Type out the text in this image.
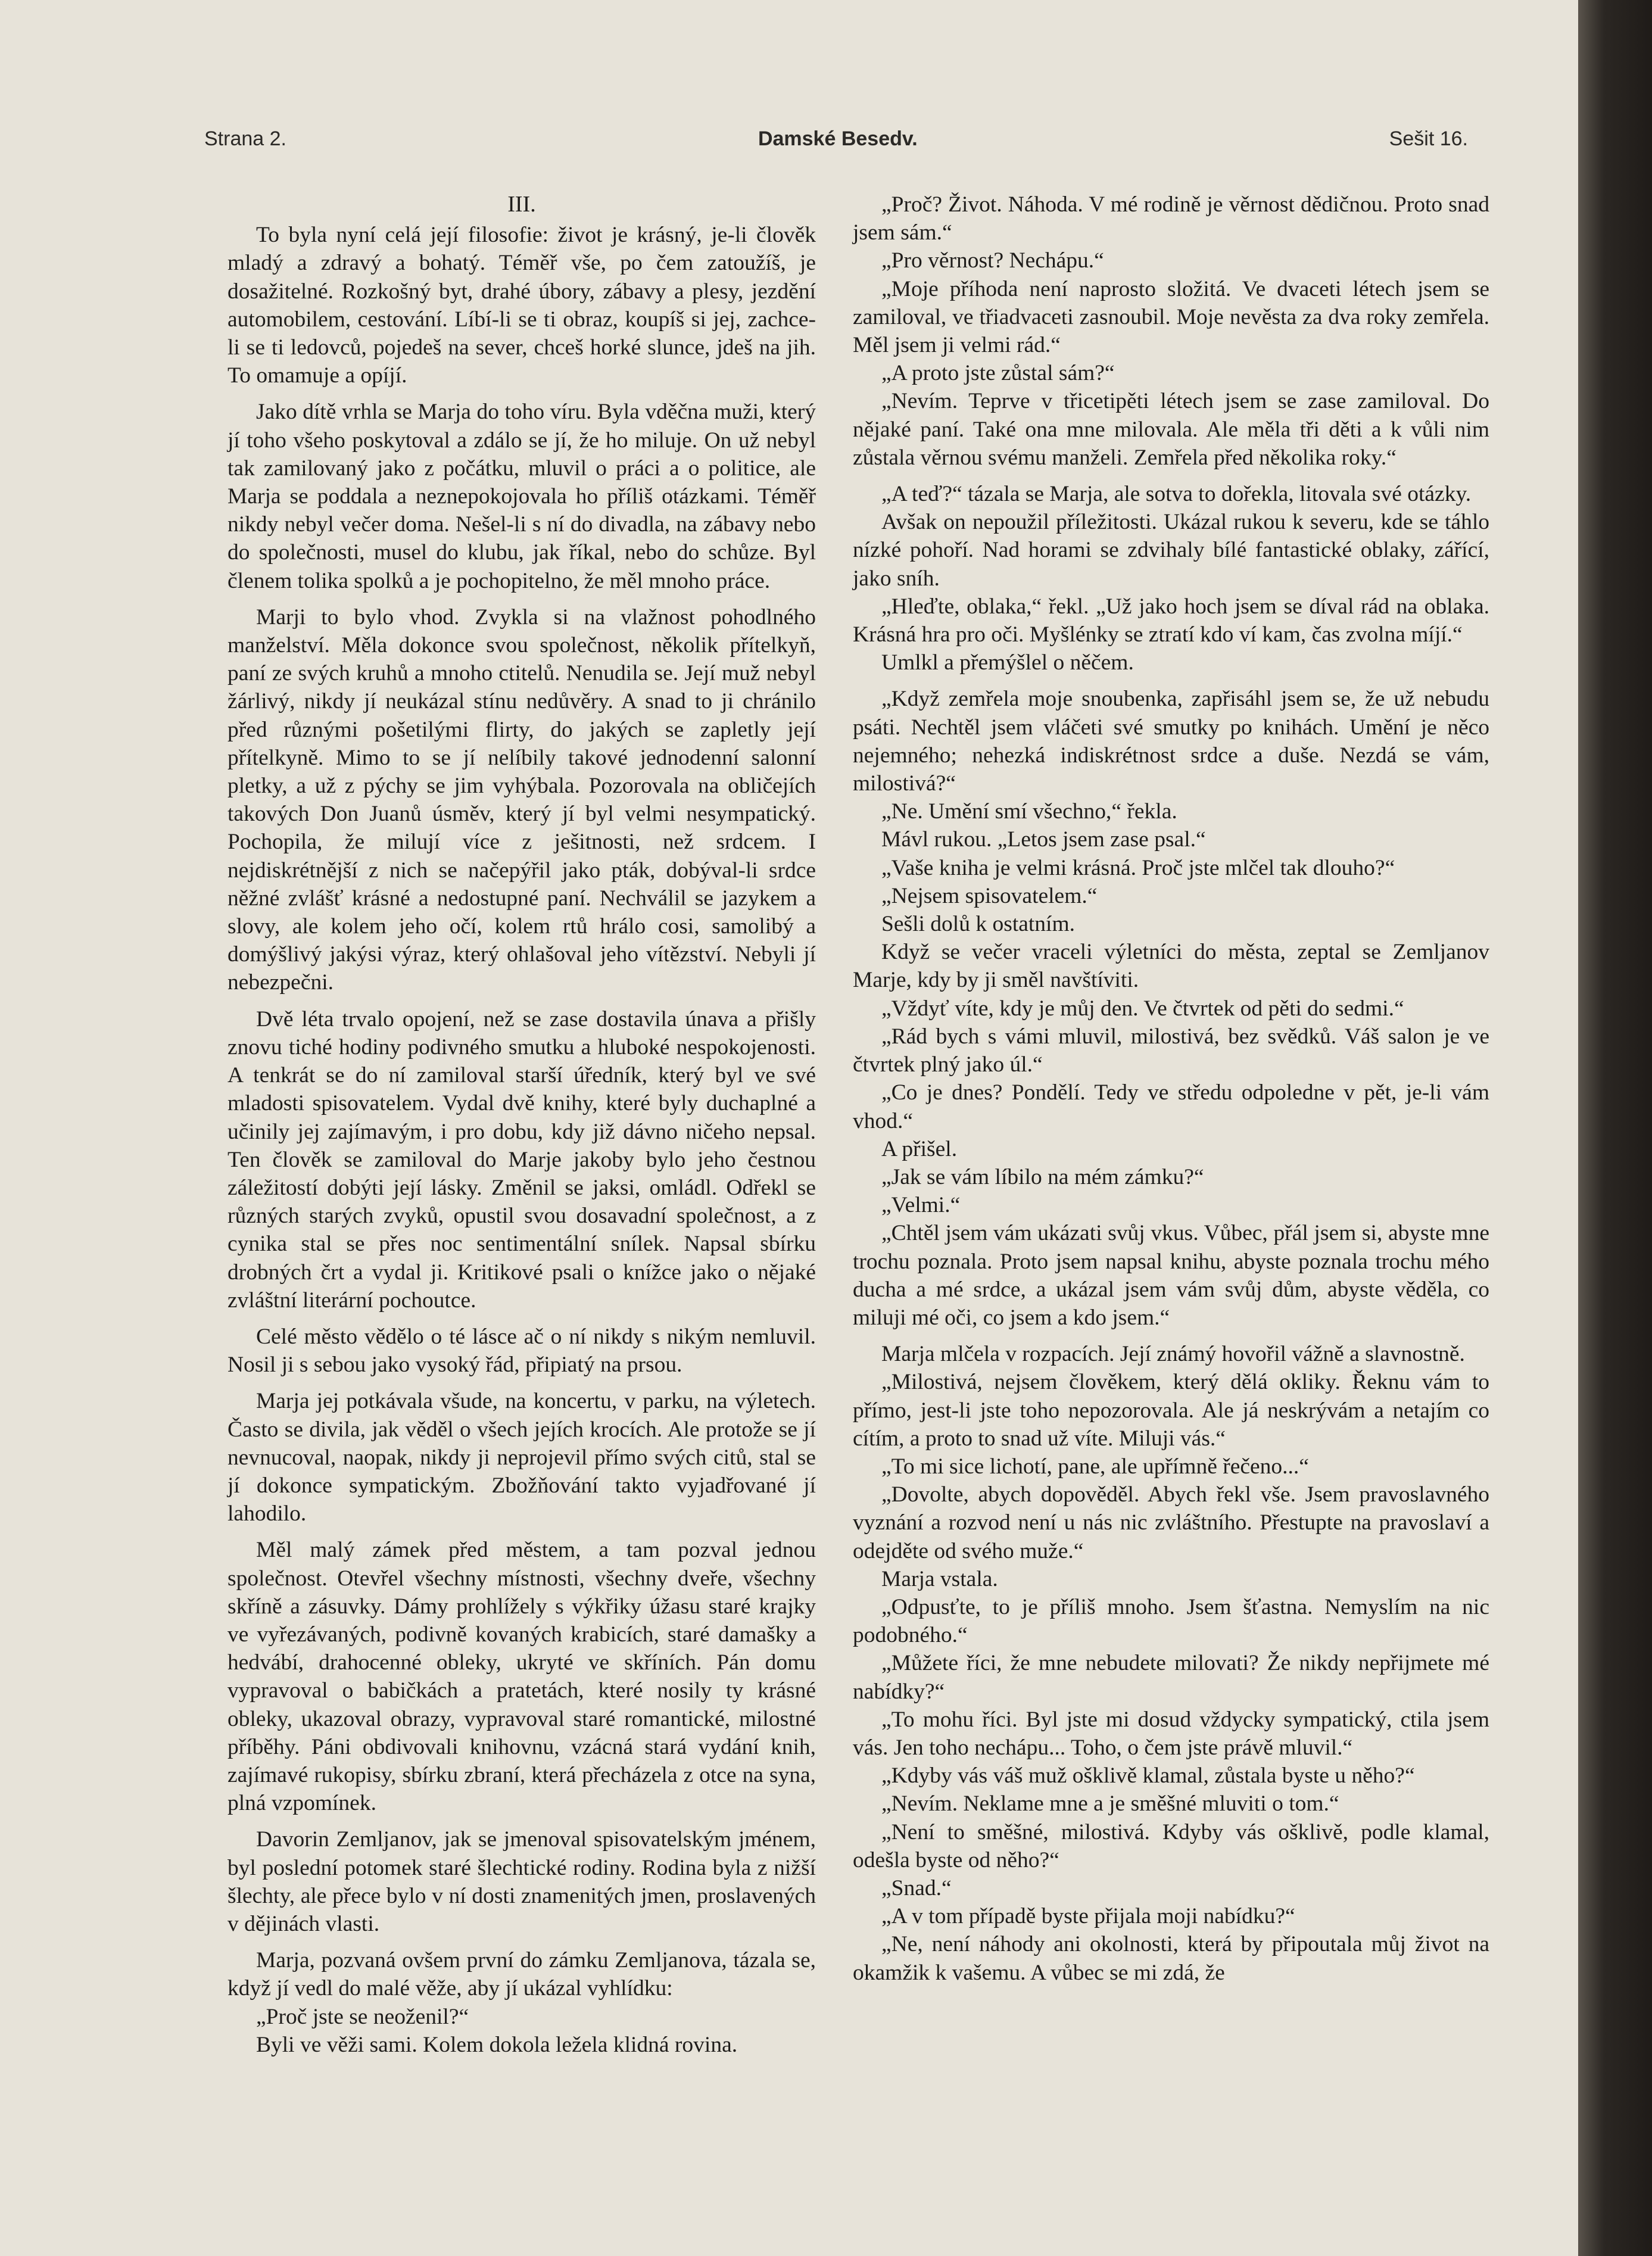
Strana 2.	Damské Besedv.	Sešit 16.
III.

To byla nyní celá její filosofie: život je krásný, je-li člověk mladý a zdravý a bohatý. Téměř vše, po čem zatoužíš, je dosažitelné. Rozkošný byt, drahé úbory, zábavy a plesy, jezdění automobilem, cestování. Líbí-li se ti obraz, koupíš si jej, zachce-li se ti ledovců, pojedeš na sever, chceš horké slunce, jdeš na jih. To omamuje a opíjí.

Jako dítě vrhla se Marja do toho víru. Byla vděčna muži, který jí toho všeho poskytoval a zdálo se jí, že ho miluje. On už nebyl tak zamilovaný jako z počátku, mluvil o práci a o politice, ale Marja se poddala a neznepokojovala ho příliš otázkami. Téměř nikdy nebyl večer doma. Nešel-li s ní do divadla, na zábavy nebo do společnosti, musel do klubu, jak říkal, nebo do schůze. Byl členem tolika spolků a je pochopitelno, že měl mnoho práce.

Marji to bylo vhod. Zvykla si na vlažnost pohodlného manželství. Měla dokonce svou společnost, několik přítelkyň, paní ze svých kruhů a mnoho ctitelů. Nenudila se. Její muž nebyl žárlivý, nikdy jí neukázal stínu nedůvěry. A snad to ji chránilo před různými pošetilými flirty, do jakých se zapletly její přítelkyně. Mimo to se jí nelíbily takové jednodenní salonní pletky, a už z pýchy se jim vyhýbala. Pozorovala na obličejích takových Don Juanů úsměv, který jí byl velmi nesympatický. Pochopila, že milují více z ješitnosti, než srdcem. I nejdiskrétnější z nich se načepýřil jako pták, dobýval-li srdce něžné zvlášť krásné a nedostupné paní. Nechválil se jazykem a slovy, ale kolem jeho očí, kolem rtů hrálo cosi, samolibý a domýšlivý jakýsi výraz, který ohlašoval jeho vítězství. Nebyli jí nebezpečni.

Dvě léta trvalo opojení, než se zase dostavila únava a přišly znovu tiché hodiny podivného smutku a hluboké nespokojenosti. A tenkrát se do ní zamiloval starší úředník, který byl ve své mladosti spisovatelem. Vydal dvě knihy, které byly duchaplné a učinily jej zajímavým, i pro dobu, kdy již dávno ničeho nepsal. Ten člověk se zamiloval do Marje jakoby bylo jeho čestnou záležitostí dobýti její lásky. Změnil se jaksi, omládl. Odřekl se různých starých zvyků, opustil svou dosavadní společnost, a z cynika stal se přes noc sentimentální snílek. Napsal sbírku drobných črt a vydal ji. Kritikové psali o knížce jako o nějaké zvláštní literární pochoutce.

Celé město vědělo o té lásce ač o ní nikdy s nikým nemluvil. Nosil ji s sebou jako vysoký řád, připiatý na prsou.

Marja jej potkávala všude, na koncertu, v parku, na výletech. Často se divila, jak věděl o všech jejích krocích. Ale protože se jí nevnucoval, naopak, nikdy ji neprojevil přímo svých citů, stal se jí dokonce sympatickým. Zbožňování takto vyjadřované jí lahodilo.

Měl malý zámek před městem, a tam pozval jednou společnost. Otevřel všechny místnosti, všechny dveře, všechny skříně a zásuvky. Dámy prohlížely s výkřiky úžasu staré krajky ve vyřezávaných, podivně kovaných krabicích, staré damašky a hedvábí, drahocenné obleky, ukryté ve skříních. Pán domu vypravoval o babičkách a pratetách, které nosily ty krásné obleky, ukazoval obrazy, vypravoval staré romantické, milostné příběhy. Páni obdivovali knihovnu, vzácná stará vydání knih, zajímavé rukopisy, sbírku zbraní, která přecházela z otce na syna, plná vzpomínek.

Davorin Zemljanov, jak se jmenoval spisovatelským jménem, byl poslední potomek staré šlechtické rodiny. Rodina byla z nižší šlechty, ale přece bylo v ní dosti znamenitých jmen, proslavených v dějinách vlasti.

Marja, pozvaná ovšem první do zámku Zemljanova, tázala se, když jí vedl do malé věže, aby jí ukázal vyhlídku:

„Proč jste se neoženil?“

Byli ve věži sami. Kolem dokola ležela klidná rovina.

„Proč? Život. Náhoda. V mé rodině je věrnost dědičnou. Proto snad jsem sám.“

„Pro věrnost? Nechápu.“

„Moje příhoda není naprosto složitá. Ve dvaceti létech jsem se zamiloval, ve třiadvaceti zasnoubil. Moje nevěsta za dva roky zemřela. Měl jsem ji velmi rád.“

„A proto jste zůstal sám?“

„Nevím. Teprve v třicetipěti létech jsem se zase zamiloval. Do nějaké paní. Také ona mne milovala. Ale měla tři děti a k vůli nim zůstala věrnou svému manželi. Zemřela před několika roky.“

„A teď?“ tázala se Marja, ale sotva to dořekla, litovala své otázky.

Avšak on nepoužil příležitosti. Ukázal rukou k severu, kde se táhlo nízké pohoří. Nad horami se zdvihaly bílé fantastické oblaky, zářící, jako sníh.

„Hleďte, oblaka,“ řekl. „Už jako hoch jsem se díval rád na oblaka. Krásná hra pro oči. Myšlénky se ztratí kdo ví kam, čas zvolna míjí.“

Umlkl a přemýšlel o něčem.

„Když zemřela moje snoubenka, zapřisáhl jsem se, že už nebudu psáti. Nechtěl jsem vláčeti své smutky po knihách. Umění je něco nejemného; nehezká indiskrétnost srdce a duše. Nezdá se vám, milostivá?“

„Ne. Umění smí všechno,“ řekla.

Mávl rukou. „Letos jsem zase psal.“

„Vaše kniha je velmi krásná. Proč jste mlčel tak dlouho?“

„Nejsem spisovatelem.“

Sešli dolů k ostatním.

Když se večer vraceli výletníci do města, zeptal se Zemljanov Marje, kdy by ji směl navštíviti.

„Vždyť víte, kdy je můj den. Ve čtvrtek od pěti do sedmi.“

„Rád bych s vámi mluvil, milostivá, bez svědků. Váš salon je ve čtvrtek plný jako úl.“

„Co je dnes? Pondělí. Tedy ve středu odpoledne v pět, je-li vám vhod.“

A přišel.

„Jak se vám líbilo na mém zámku?“

„Velmi.“

„Chtěl jsem vám ukázati svůj vkus. Vůbec, přál jsem si, abyste mne trochu poznala. Proto jsem napsal knihu, abyste poznala trochu mého ducha a mé srdce, a ukázal jsem vám svůj dům, abyste věděla, co miluji mé oči, co jsem a kdo jsem.“

Marja mlčela v rozpacích. Její známý hovořil vážně a slavnostně.

„Milostivá, nejsem člověkem, který dělá okliky. Řeknu vám to přímo, jest-li jste toho nepozorovala. Ale já neskrývám a netajím co cítím, a proto to snad už víte. Miluji vás.“

„To mi sice lichotí, pane, ale upřímně řečeno...“

„Dovolte, abych dopověděl. Abych řekl vše. Jsem pravoslavného vyznání a rozvod není u nás nic zvláštního. Přestupte na pravoslaví a odejděte od svého muže.“

Marja vstala.

„Odpusťte, to je příliš mnoho. Jsem šťastna. Nemyslím na nic podobného.“

„Můžete říci, že mne nebudete milovati? Že nikdy nepřijmete mé nabídky?“

„To mohu říci. Byl jste mi dosud vždycky sympatický, ctila jsem vás. Jen toho nechápu... Toho, o čem jste právě mluvil.“

„Kdyby vás váš muž ošklivě klamal, zůstala byste u něho?“

„Nevím. Neklame mne a je směšné mluviti o tom.“

„Není to směšné, milostivá. Kdyby vás ošklivě, podle klamal, odešla byste od něho?“

„Snad.“

„A v tom případě byste přijala moji nabídku?“

„Ne, není náhody ani okolnosti, která by připoutala můj život na okamžik k vašemu. A vůbec se mi zdá, že
